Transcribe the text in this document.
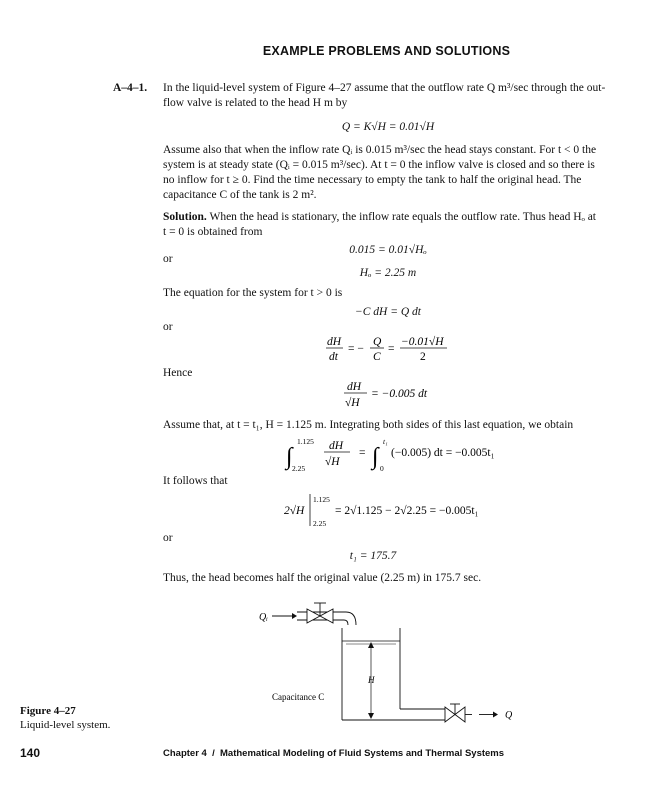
EXAMPLE PROBLEMS AND SOLUTIONS
A–4–1. In the liquid-level system of Figure 4–27 assume that the outflow rate Q m³/sec through the out-
flow valve is related to the head H m by
Q = K√H = 0.01√H
Assume also that when the inflow rate Qᵢ is 0.015 m³/sec the head stays constant. For t < 0 the
system is at steady state (Qᵢ = 0.015 m³/sec). At t = 0 the inflow valve is closed and so there is
no inflow for t ≥ 0. Find the time necessary to empty the tank to half the original head. The
capacitance C of the tank is 2 m².
Solution. When the head is stationary, the inflow rate equals the outflow rate. Thus head Hₒ at
t = 0 is obtained from
0.015 = 0.01√Hₒ
or
Hₒ = 2.25 m
The equation for the system for t > 0 is
−C dH = Q dt
or
dH
dt
= −
Q
C
=
−0.01√H
2
Hence
dH
√H
= −0.005 dt
Assume that, at t = t₁, H = 1.125 m. Integrating both sides of this last equation, we obtain
∫
1.125
2.25
dH
√H
= ∫
t₁
0
(−0.005) dt = −0.005t₁
It follows that
2√H
1.125
2.25
= 2√1.125 − 2√2.25 = −0.005t₁
or
t₁ = 175.7
Thus, the head becomes half the original value (2.25 m) in 175.7 sec.
Qᵢ
H
Capacitance C
Q
Figure 4–27
Liquid-level system.
140	Chapter 4  /  Mathematical Modeling of Fluid Systems and Thermal Systems
